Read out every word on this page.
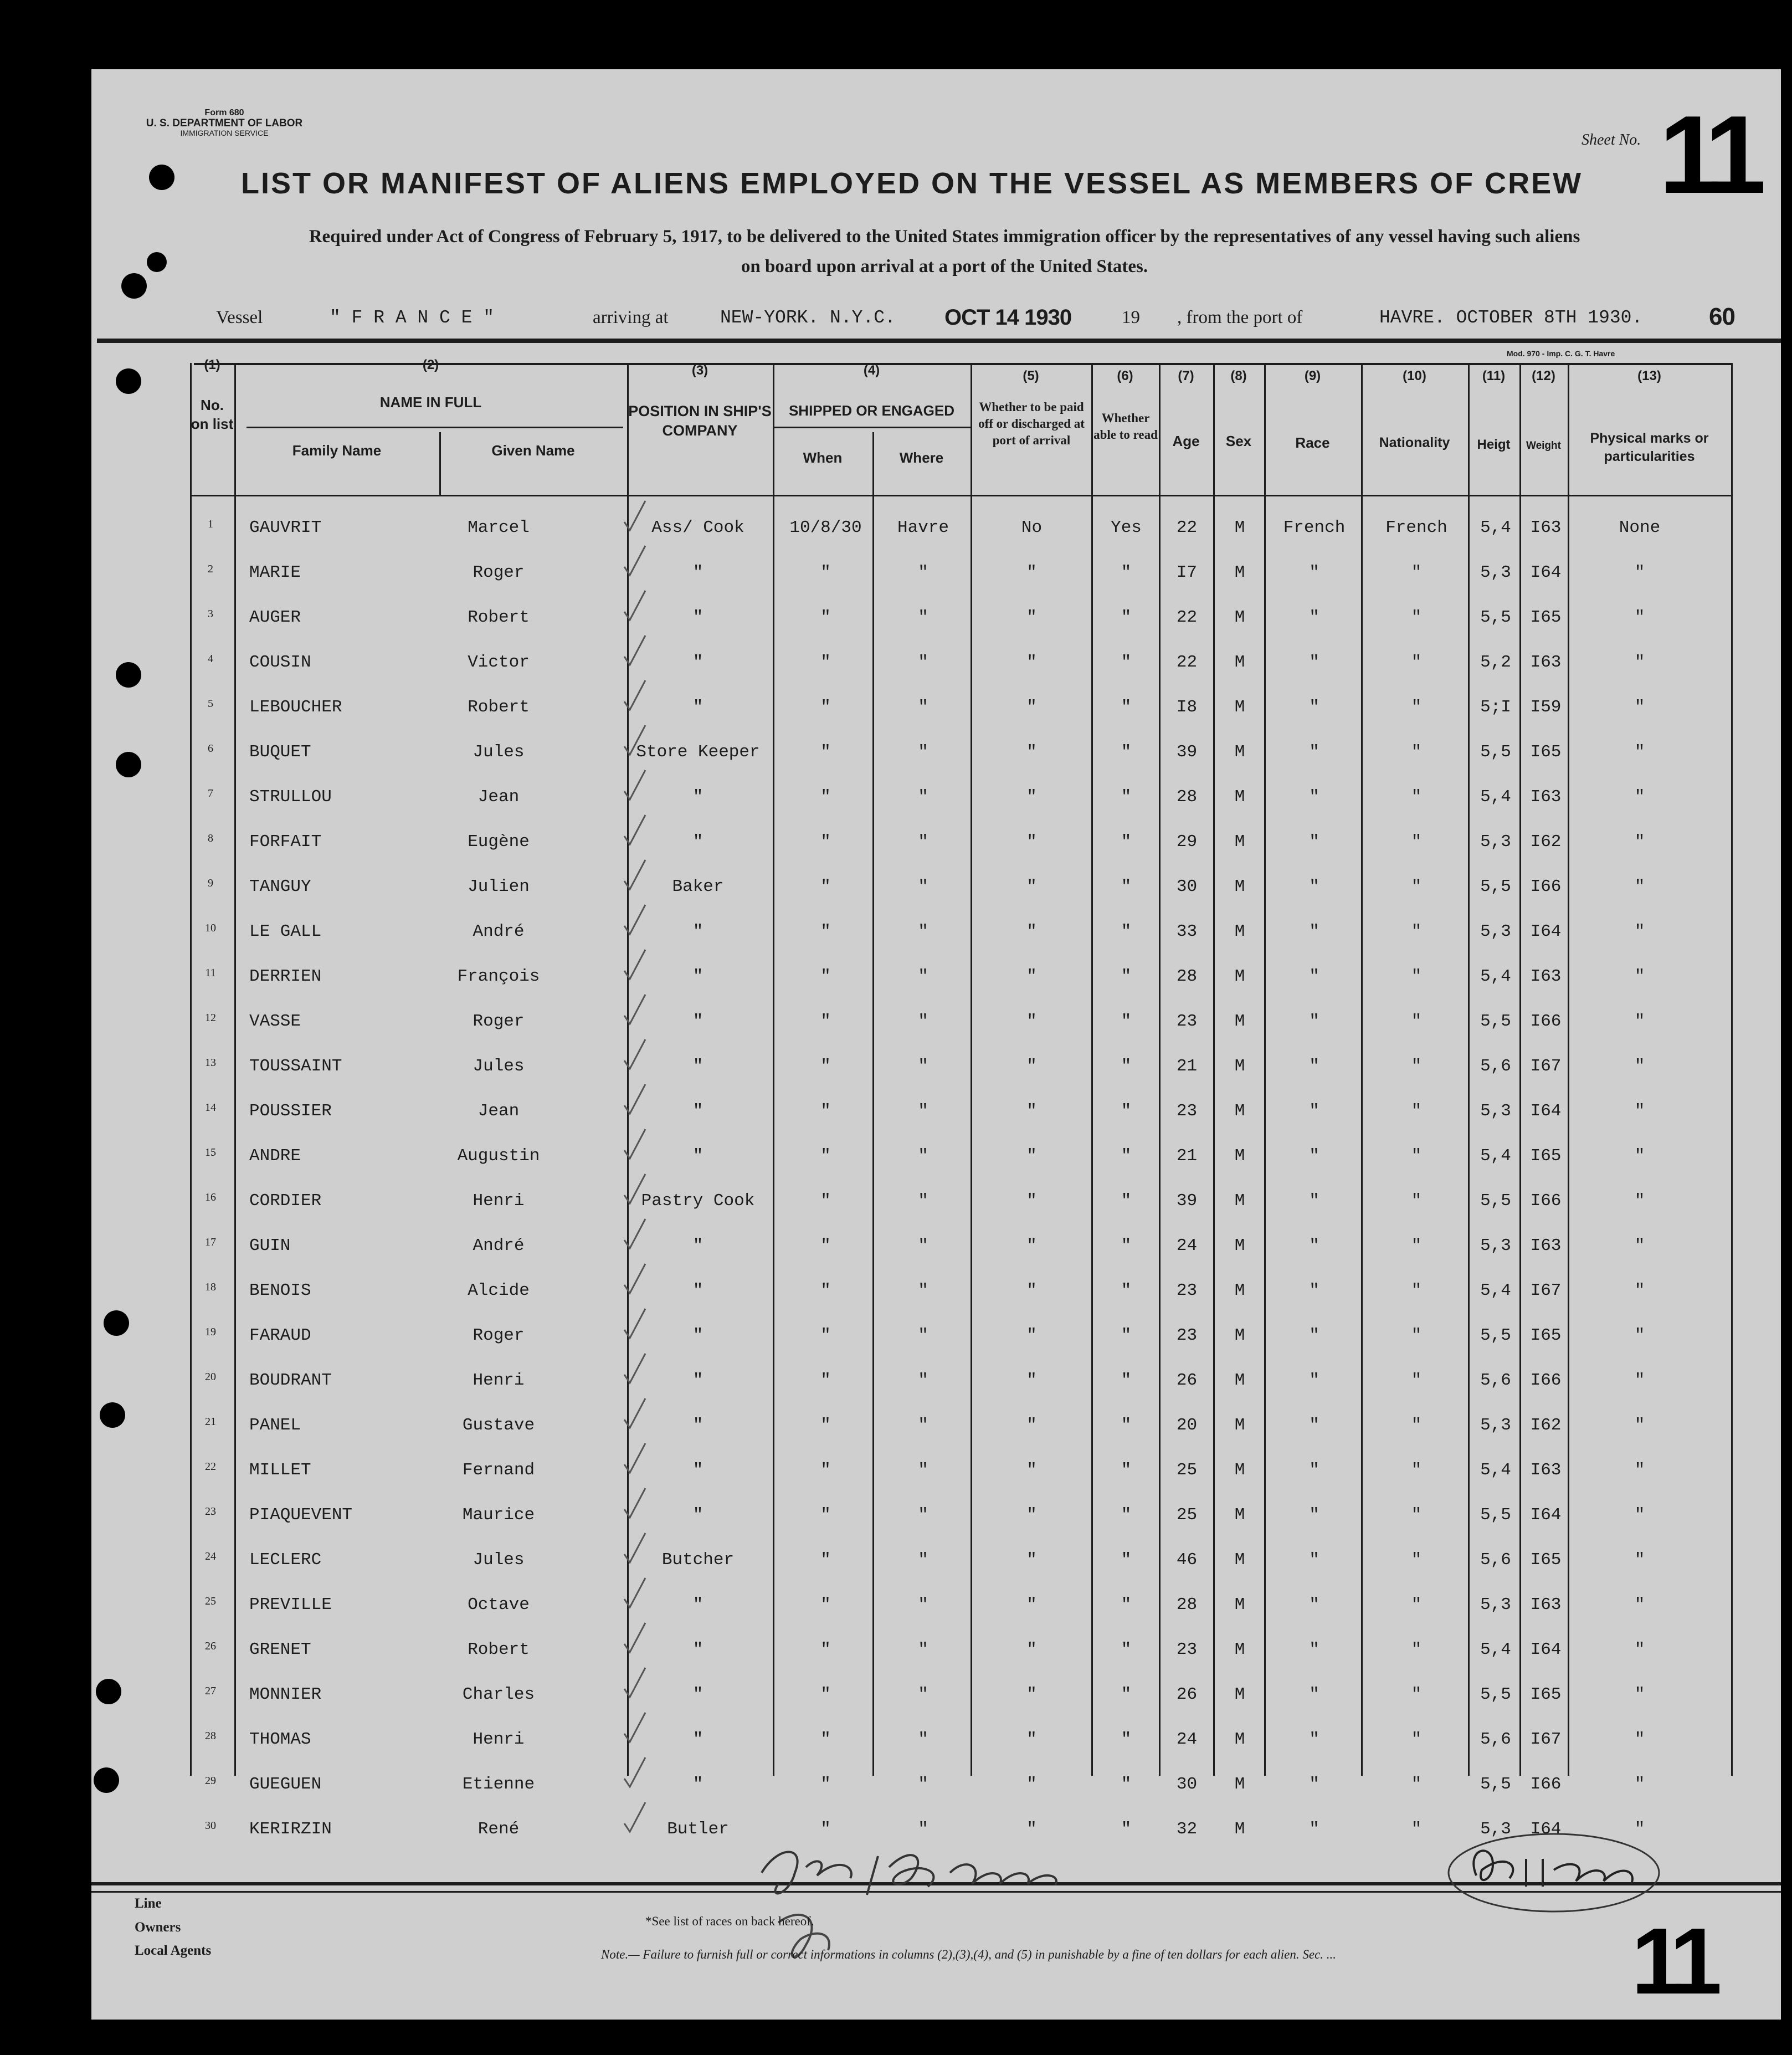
Form 680
U. S. DEPARTMENT OF LABOR
IMMIGRATION SERVICE	Sheet No. 11
LIST OR MANIFEST OF ALIENS EMPLOYED ON THE VESSEL AS MEMBERS OF CREW
Required under Act of Congress of February 5, 1917, to be delivered to the United States immigration officer by the representatives of any vessel having such aliens
on board upon arrival at a port of the United States.
Vessel	" F R A N C E "	arriving at	NEW-YORK. N.Y.C. OCT 14 1930	19 , from the port of	HAVRE. OCTOBER 8TH 1930.	60
Mod. 970 - Imp. C. G. T. Havre
(1)	(2)	(3)	(4)	(5)	(6)	(7)	(8)	(9)	(10)	(11)	(12)	(13)
No. on list
NAME IN FULL
Family Name	Given Name
POSITION IN SHIP'S COMPANY
SHIPPED OR ENGAGED
When	Where
Whether to be paid off or discharged at port of arrival
Whether able to read	Age	Sex	Race	Nationality	Heigt	Weight	Physical marks or particularities
1	GAUVRIT	Marcel	Ass/ Cook	10/8/30	Havre	No	Yes	22	M	French	French	5,4	I63	None
2	MARIE	Roger	"	"	"	"	"	I7	M	"	"	5,3	I64	"
3	AUGER	Robert	"	"	"	"	"	22	M	"	"	5,5	I65	"
4	COUSIN	Victor	"	"	"	"	"	22	M	"	"	5,2	I63	"
5	LEBOUCHER	Robert	"	"	"	"	"	I8	M	"	"	5;I	I59	"
6	BUQUET	Jules	Store Keeper	"	"	"	"	39	M	"	"	5,5	I65	"
7	STRULLOU	Jean	"	"	"	"	"	28	M	"	"	5,4	I63	"
8	FORFAIT	Eugène	"	"	"	"	"	29	M	"	"	5,3	I62	"
9	TANGUY	Julien	Baker	"	"	"	"	30	M	"	"	5,5	I66	"
10	LE GALL	André	"	"	"	"	"	33	M	"	"	5,3	I64	"
11	DERRIEN	François	"	"	"	"	"	28	M	"	"	5,4	I63	"
12	VASSE	Roger	"	"	"	"	"	23	M	"	"	5,5	I66	"
13	TOUSSAINT	Jules	"	"	"	"	"	21	M	"	"	5,6	I67	"
14	POUSSIER	Jean	"	"	"	"	"	23	M	"	"	5,3	I64	"
15	ANDRE	Augustin	"	"	"	"	"	21	M	"	"	5,4	I65	"
16	CORDIER	Henri	Pastry Cook	"	"	"	"	39	M	"	"	5,5	I66	"
17	GUIN	André	"	"	"	"	"	24	M	"	"	5,3	I63	"
18	BENOIS	Alcide	"	"	"	"	"	23	M	"	"	5,4	I67	"
19	FARAUD	Roger	"	"	"	"	"	23	M	"	"	5,5	I65	"
20	BOUDRANT	Henri	"	"	"	"	"	26	M	"	"	5,6	I66	"
21	PANEL	Gustave	"	"	"	"	"	20	M	"	"	5,3	I62	"
22	MILLET	Fernand	"	"	"	"	"	25	M	"	"	5,4	I63	"
23	PIAQUEVENT	Maurice	"	"	"	"	"	25	M	"	"	5,5	I64	"
24	LECLERC	Jules	Butcher	"	"	"	"	46	M	"	"	5,6	I65	"
25	PREVILLE	Octave	"	"	"	"	"	28	M	"	"	5,3	I63	"
26	GRENET	Robert	"	"	"	"	"	23	M	"	"	5,4	I64	"
27	MONNIER	Charles	"	"	"	"	"	26	M	"	"	5,5	I65	"
28	THOMAS	Henri	"	"	"	"	"	24	M	"	"	5,6	I67	"
29	GUEGUEN	Etienne	"	"	"	"	"	30	M	"	"	5,5	I66	"
30	KERIRZIN	René	Butler	"	"	"	"	32	M	"	"	5,3	I64	"
Line
Owners
Local Agents
*See list of races on back hereof.
Note.— Failure to furnish full or correct informations in columns (2),(3),(4), and (5) in punishable by a fine of ten dollars for each alien. Sec. ...	11
